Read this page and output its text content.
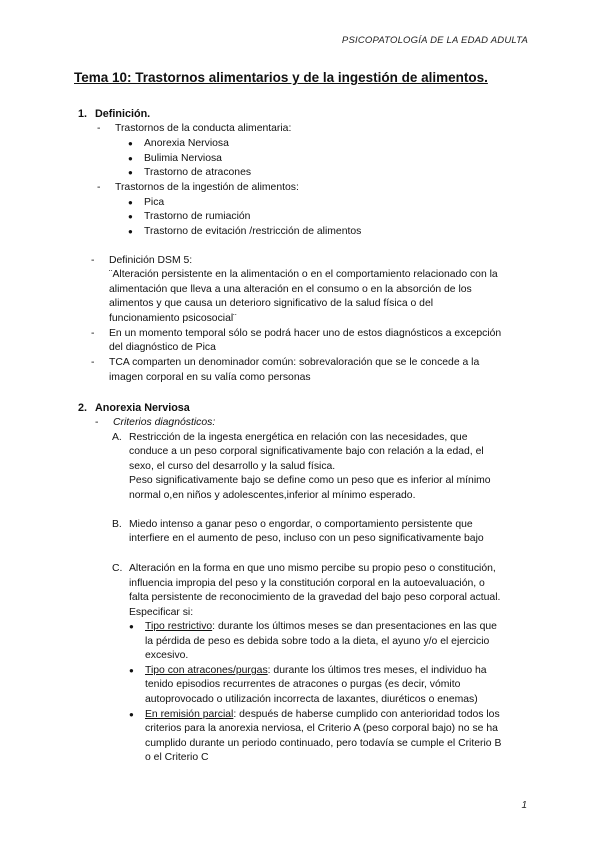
PSICOPATOLOGÍA DE LA EDAD ADULTA
Tema 10: Trastornos alimentarios y de la ingestión de alimentos.
1. Definición.
- Trastornos de la conducta alimentaria:
● Anorexia Nerviosa
● Bulimia Nerviosa
● Trastorno de atracones
- Trastornos de la ingestión de alimentos:
● Pica
● Trastorno de rumiación
● Trastorno de evitación /restricción de alimentos
- Definición DSM 5:
¨Alteración persistente en la alimentación o en el comportamiento relacionado con la
alimentación que lleva a una alteración en el consumo o en la absorción de los
alimentos y que causa un deterioro significativo de la salud física o del
funcionamiento psicosocial¨
- En un momento temporal sólo se podrá hacer uno de estos diagnósticos a excepción
del diagnóstico de Pica
- TCA comparten un denominador común: sobrevaloración que se le concede a la
imagen corporal en su valía como personas
2. Anorexia Nerviosa
- Criterios diagnósticos:
A. Restricción de la ingesta energética en relación con las necesidades, que
conduce a un peso corporal significativamente bajo con relación a la edad, el
sexo, el curso del desarrollo y la salud física.
Peso significativamente bajo se define como un peso que es inferior al mínimo
normal o,en niños y adolescentes,inferior al mínimo esperado.
B. Miedo intenso a ganar peso o engordar, o comportamiento persistente que
interfiere en el aumento de peso, incluso con un peso significativamente bajo
C. Alteración en la forma en que uno mismo percibe su propio peso o constitución,
influencia impropia del peso y la constitución corporal en la autoevaluación, o
falta persistente de reconocimiento de la gravedad del bajo peso corporal actual.
Especificar si:
● Tipo restrictivo: durante los últimos meses se dan presentaciones en las que
la pérdida de peso es debida sobre todo a la dieta, el ayuno y/o el ejercicio
excesivo.
● Tipo con atracones/purgas: durante los últimos tres meses, el individuo ha
tenido episodios recurrentes de atracones o purgas (es decir, vómito
autoprovocado o utilización incorrecta de laxantes, diuréticos o enemas)
● En remisión parcial: después de haberse cumplido con anterioridad todos los
criterios para la anorexia nerviosa, el Criterio A (peso corporal bajo) no se ha
cumplido durante un periodo continuado, pero todavía se cumple el Criterio B
o el Criterio C
1
